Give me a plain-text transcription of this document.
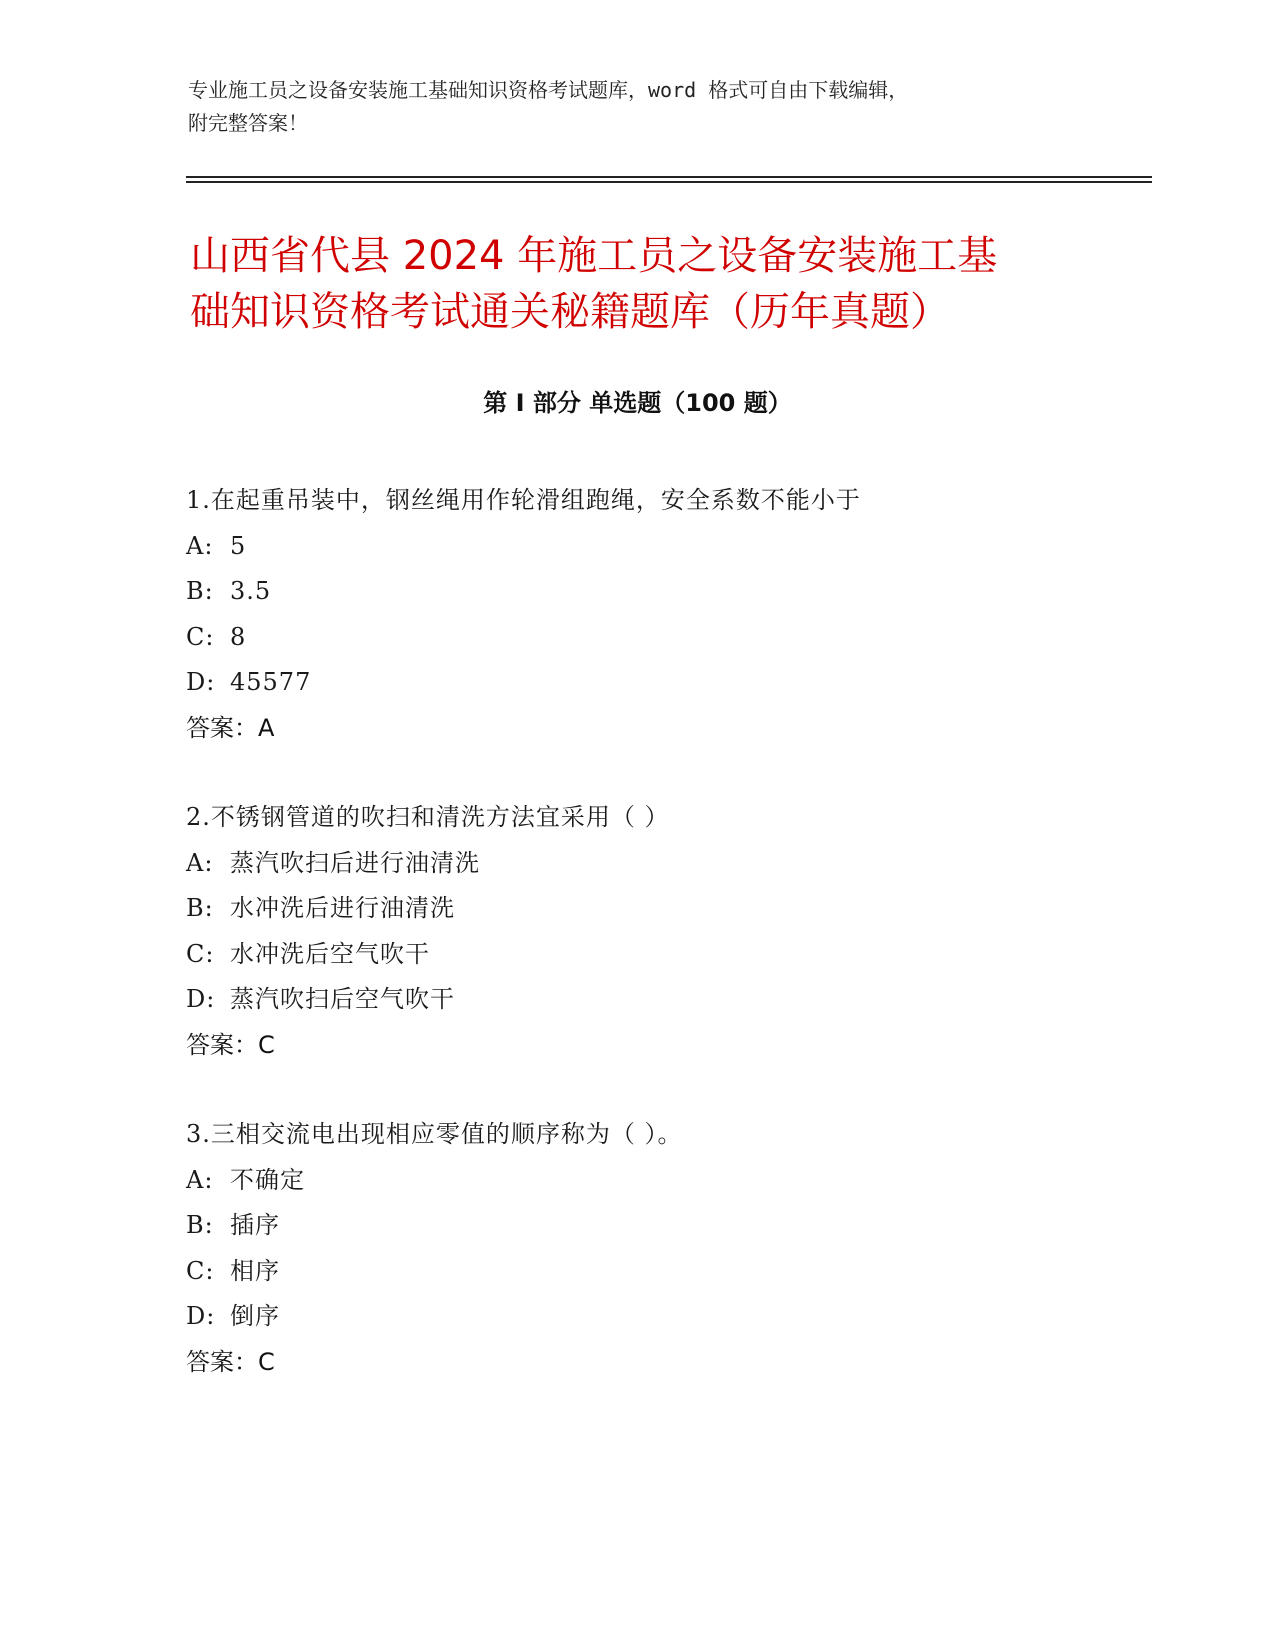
专业施工员之设备安装施工基础知识资格考试题库，word 格式可自由下载编辑，
附完整答案！
山西省代县 2024 年施工员之设备安装施工基
础知识资格考试通关秘籍题库（历年真题）
第 I 部分 单选题（100 题）
1.在起重吊装中，钢丝绳用作轮滑组跑绳，安全系数不能小于
A: 5
B: 3.5
C: 8
D: 45577
答案：A
2.不锈钢管道的吹扫和清洗方法宜采用（ ）
A: 蒸汽吹扫后进行油清洗
B: 水冲洗后进行油清洗
C: 水冲洗后空气吹干
D: 蒸汽吹扫后空气吹干
答案：C
3.三相交流电出现相应零值的顺序称为（ ）。
A: 不确定
B: 插序
C: 相序
D: 倒序
答案：C
